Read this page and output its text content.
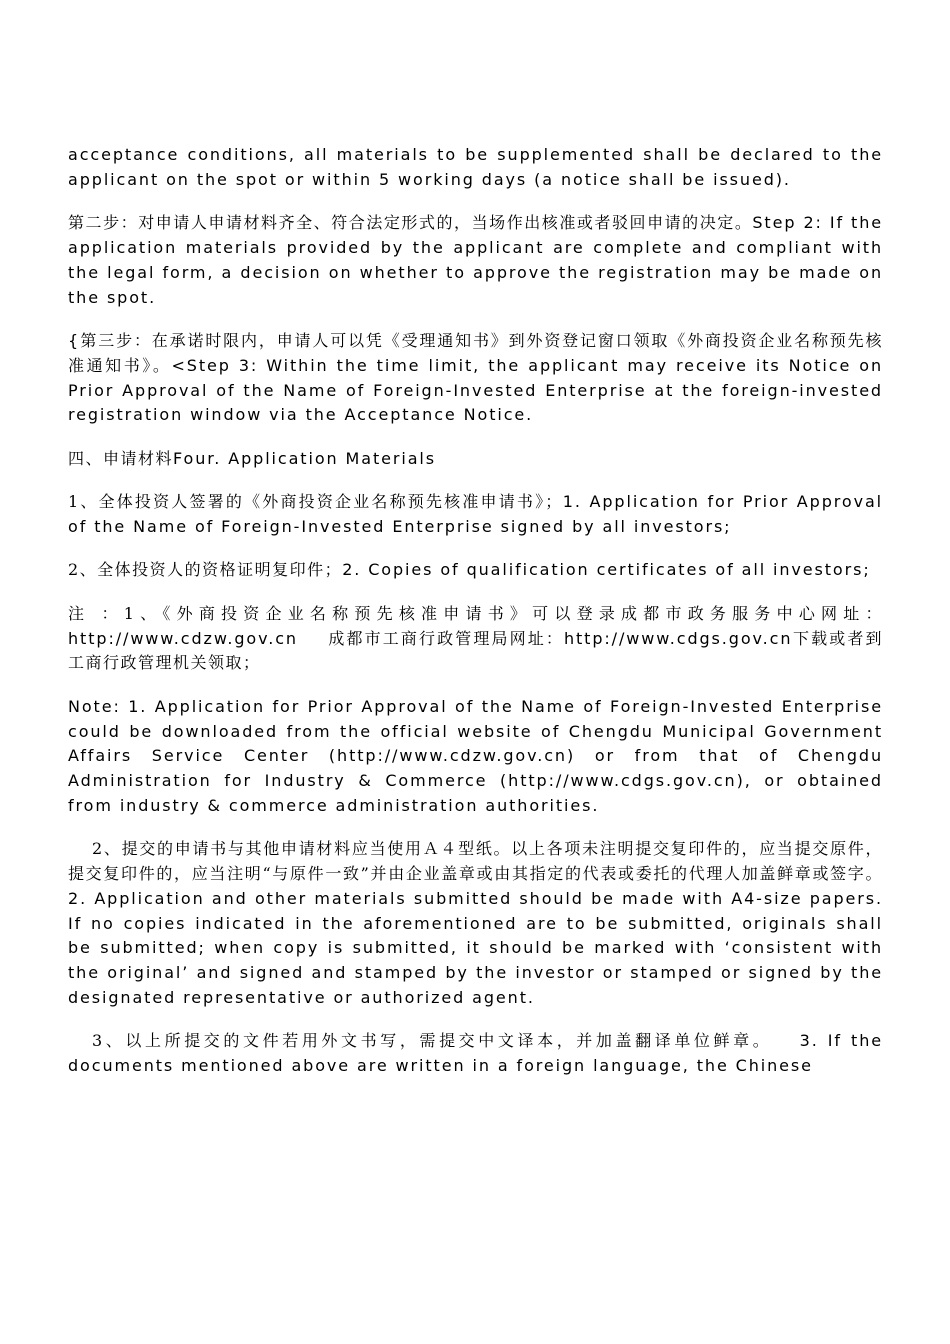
acceptance conditions, all materials to be supplemented shall be declared to the applicant on the spot or within 5 working days (a notice shall be issued).

第二步：对申请人申请材料齐全、符合法定形式的，当场作出核准或者驳回申请的决定。Step 2: If the application materials provided by the applicant are complete and compliant with the legal form, a decision on whether to approve the registration may be made on the spot.

{第三步：在承诺时限内，申请人可以凭《受理通知书》到外资登记窗口领取《外商投资企业名称预先核准通知书》。<Step 3: Within the time limit, the applicant may receive its Notice on Prior Approval of the Name of Foreign-Invested Enterprise at the foreign-invested registration window via the Acceptance Notice.

四、申请材料Four. Application Materials

1、全体投资人签署的《外商投资企业名称预先核准申请书》；1. Application for Prior Approval of the Name of Foreign-Invested Enterprise signed by all investors;

2、全体投资人的资格证明复印件；2. Copies of qualification certificates of all investors;

注 ：1、《外商投资企业名称预先核准申请书》可以登录成都市政务服务中心网址：http://www.cdzw.gov.cn 成都市工商行政管理局网址：http://www.cdgs.gov.cn下载或者到工商行政管理机关领取；

Note: 1. Application for Prior Approval of the Name of Foreign-Invested Enterprise could be downloaded from the official website of Chengdu Municipal Government Affairs Service Center (http://www.cdzw.gov.cn) or from that of Chengdu Administration for Industry & Commerce (http://www.cdgs.gov.cn), or obtained from industry & commerce administration authorities.

2、提交的申请书与其他申请材料应当使用Ａ４型纸。以上各项未注明提交复印件的，应当提交原件，提交复印件的，应当注明“与原件一致”并由企业盖章或由其指定的代表或委托的代理人加盖鲜章或签字。2. Application and other materials submitted should be made with A4-size papers. If no copies indicated in the aforementioned are to be submitted, originals shall be submitted; when copy is submitted, it should be marked with ‘consistent with the original’ and signed and stamped by the investor or stamped or signed by the designated representative or authorized agent.

3、以上所提交的文件若用外文书写，需提交中文译本，并加盖翻译单位鲜章。 3. If the documents mentioned above are written in a foreign language, the Chinese
